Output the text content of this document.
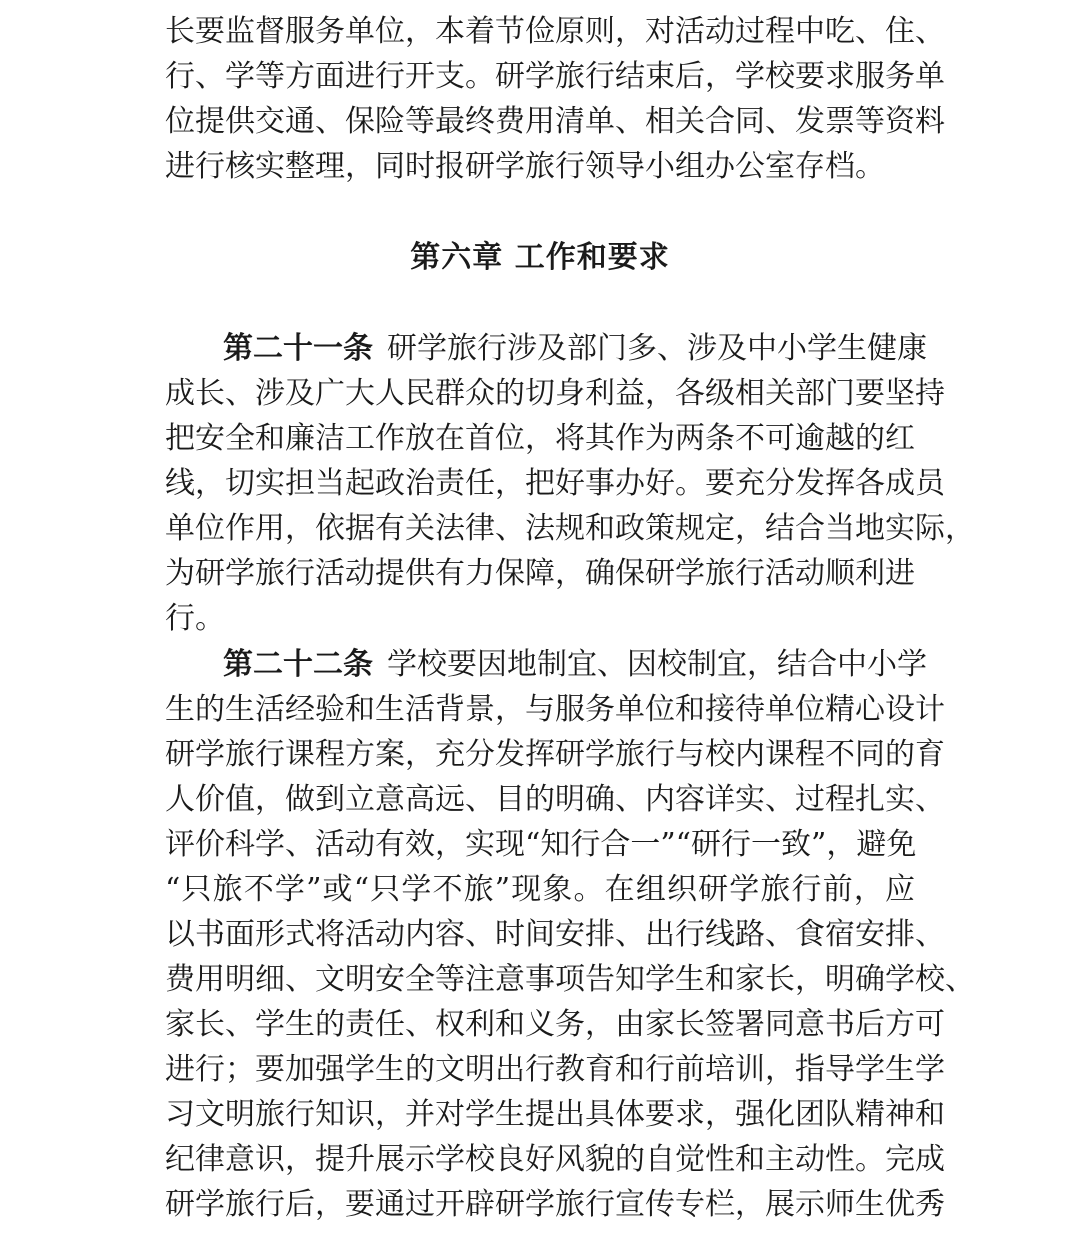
长要监督服务单位，本着节俭原则，对活动过程中吃、住、
行、学等方面进行开支。研学旅行结束后，学校要求服务单
位提供交通、保险等最终费用清单、相关合同、发票等资料
进行核实整理，同时报研学旅行领导小组办公室存档。
第六章 工作和要求
第二十一条 研学旅行涉及部门多、涉及中小学生健康
成长、涉及广大人民群众的切身利益，各级相关部门要坚持
把安全和廉洁工作放在首位，将其作为两条不可逾越的红
线，切实担当起政治责任，把好事办好。要充分发挥各成员
单位作用，依据有关法律、法规和政策规定，结合当地实际，
为研学旅行活动提供有力保障，确保研学旅行活动顺利进
行。
第二十二条 学校要因地制宜、因校制宜，结合中小学
生的生活经验和生活背景，与服务单位和接待单位精心设计
研学旅行课程方案，充分发挥研学旅行与校内课程不同的育
人价值，做到立意高远、目的明确、内容详实、过程扎实、
评价科学、活动有效，实现“知行合一”“研行一致”，避免
“只旅不学”或“只学不旅”现象。在组织研学旅行前，应
以书面形式将活动内容、时间安排、出行线路、食宿安排、
费用明细、文明安全等注意事项告知学生和家长，明确学校、
家长、学生的责任、权利和义务，由家长签署同意书后方可
进行；要加强学生的文明出行教育和行前培训，指导学生学
习文明旅行知识，并对学生提出具体要求，强化团队精神和
纪律意识，提升展示学校良好风貌的自觉性和主动性。完成
研学旅行后，要通过开辟研学旅行宣传专栏，展示师生优秀
